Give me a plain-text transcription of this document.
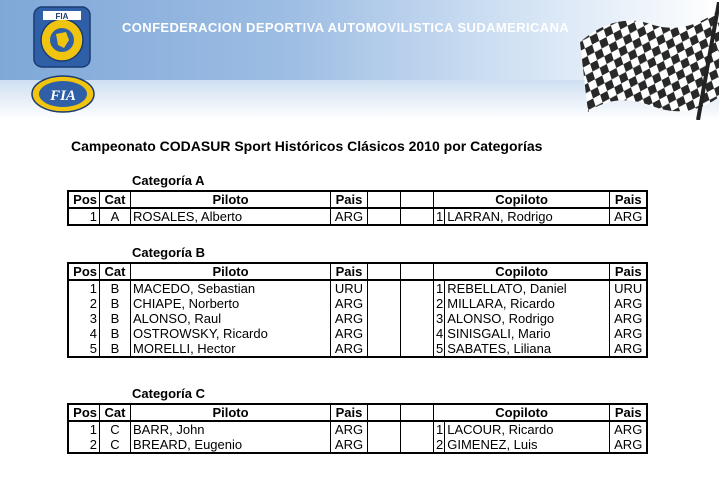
FIA
FIA
CONFEDERACION DEPORTIVA AUTOMOVILISTICA SUDAMERICANA
Campeonato CODASUR Sport Históricos Clásicos 2010 por Categorías
Categoría A
Pos	Cat	Piloto	Pais			Copiloto		Pais
1	A	ROSALES, Alberto	ARG			1	LARRAN, Rodrigo	ARG
Categoría B
Pos	Cat	Piloto	Pais			Copiloto		Pais
1	B	MACEDO, Sebastian	URU			1	REBELLATO, Daniel	URU
2	B	CHIAPE, Norberto	ARG			2	MILLARA, Ricardo	ARG
3	B	ALONSO, Raul	ARG			3	ALONSO, Rodrigo	ARG
4	B	OSTROWSKY, Ricardo	ARG			4	SINISGALI, Mario	ARG
5	B	MORELLI, Hector	ARG			5	SABATES, Liliana	ARG
Categoría C
Pos	Cat	Piloto	Pais			Copiloto		Pais
1	C	BARR, John	ARG			1	LACOUR, Ricardo	ARG
2	C	BREARD, Eugenio	ARG			2	GIMENEZ, Luis	ARG
